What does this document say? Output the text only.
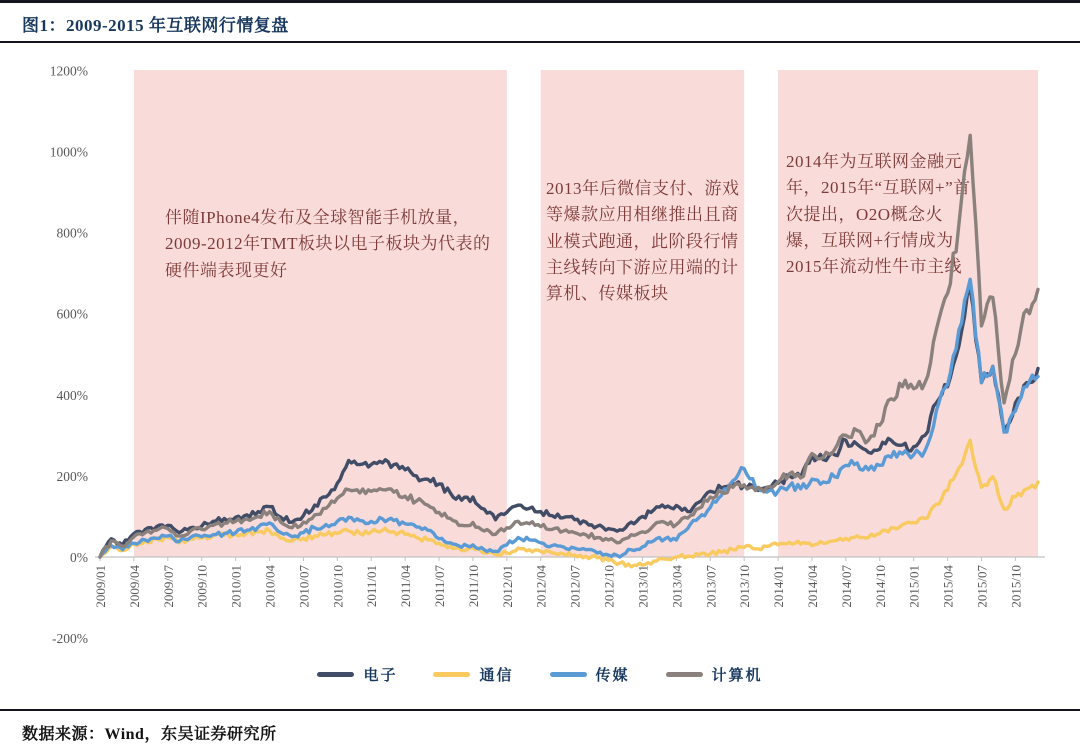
图1：2009-2015 年互联网行情复盘
2009/01 2009/04 2009/07 2009/10 2010/01 2010/04 2010/07 2010/10 2011/01 2011/04 2011/07 2011/10 2012/01 2012/04 2012/07 2012/10 2013/01 2013/04 2013/07 2013/10 2014/01 2014/04 2014/07 2014/10 2015/01 2015/04 2015/07 2015/10
1200%
1000%
800%
600%
400%
200%
0%
-200%
伴随IPhone4发布及全球智能手机放量，2009-2012年TMT板块以电子板块为代表的硬件端表现更好
2013年后微信支付、游戏等爆款应用相继推出且商业模式跑通，此阶段行情主线转向下游应用端的计算机、传媒板块
2014年为互联网金融元年，2015年“互联网+”首次提出，O2O概念火爆，互联网+行情成为2015年流动性牛市主线
电子	通信	传媒	计算机
数据来源：Wind，东吴证券研究所
